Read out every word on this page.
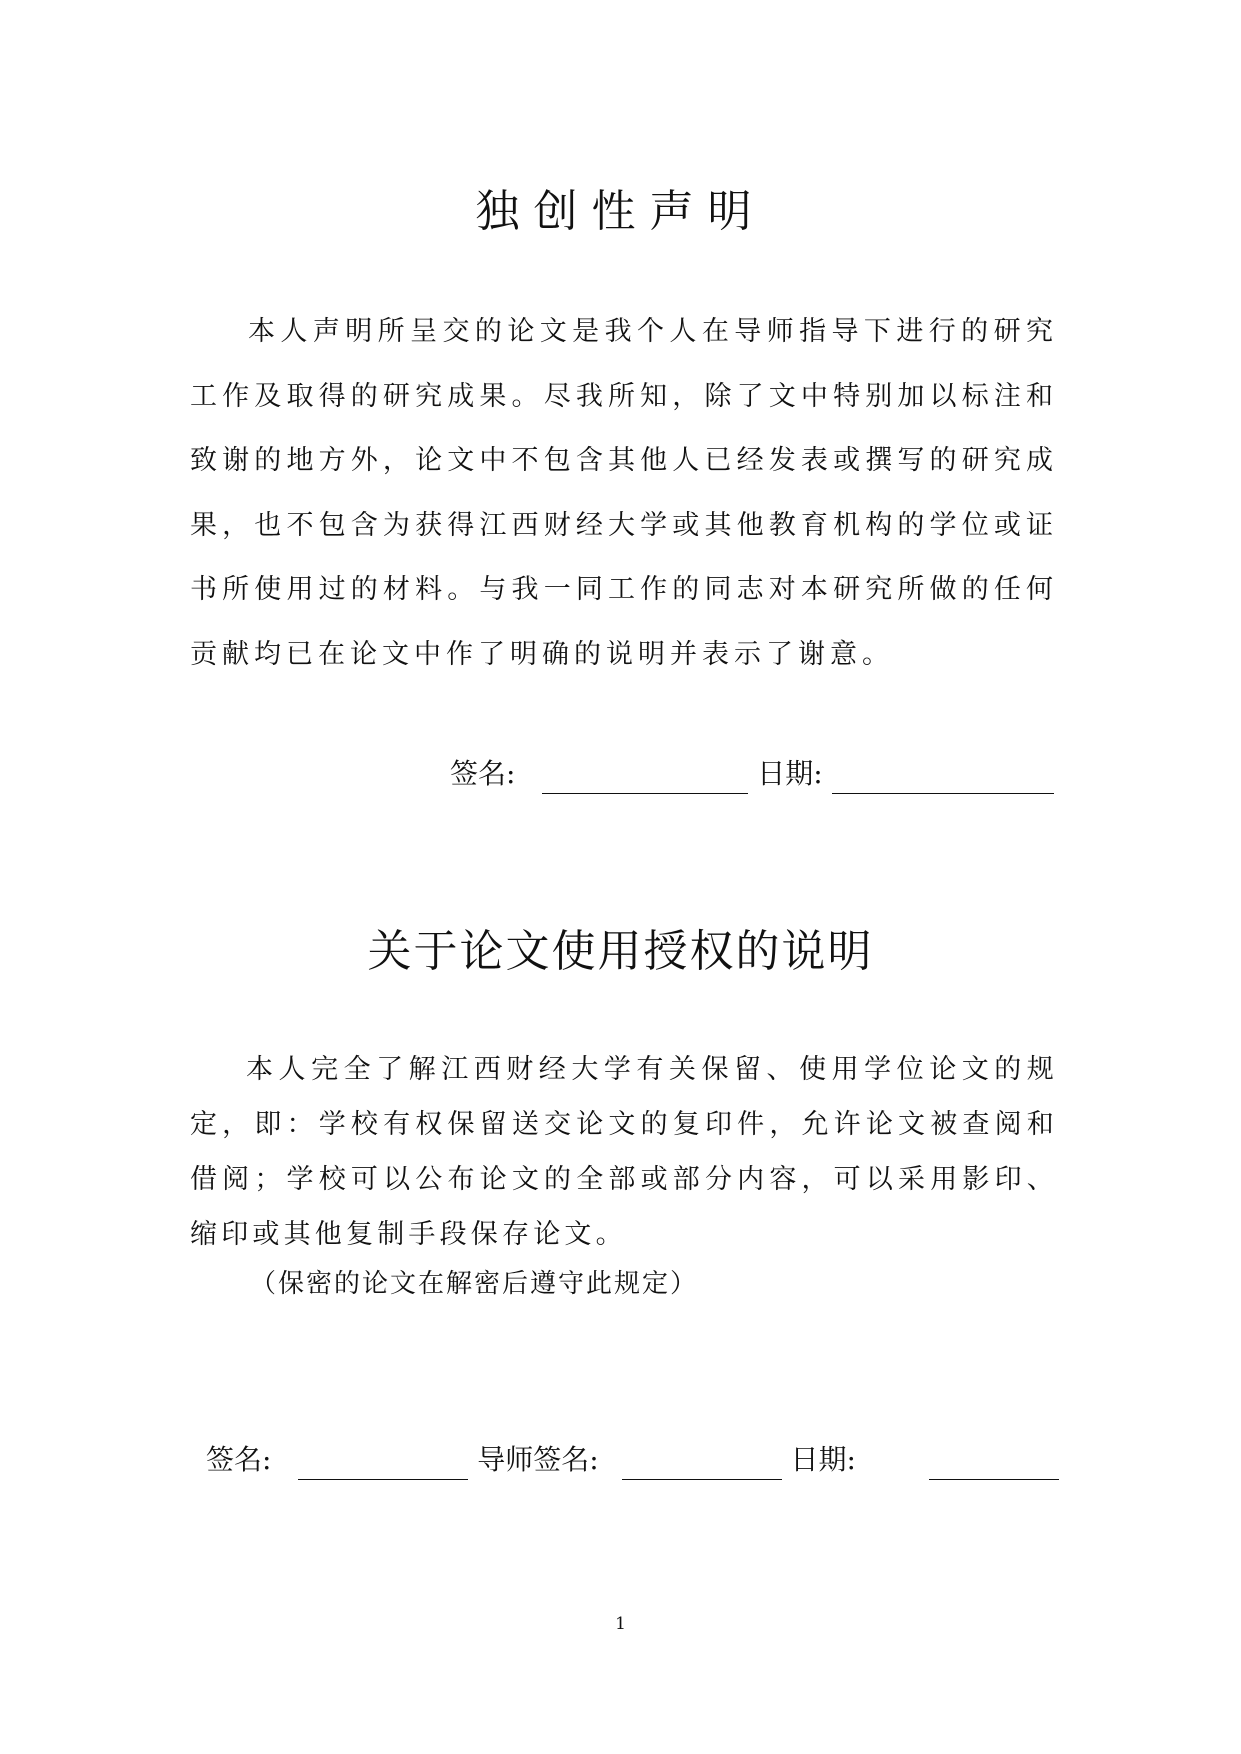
独创性声明
本人声明所呈交的论文是我个人在导师指导下进行的研究工作及取得的研究成果。尽我所知，除了文中特别加以标注和致谢的地方外，论文中不包含其他人已经发表或撰写的研究成果，也不包含为获得江西财经大学或其他教育机构的学位或证书所使用过的材料。与我一同工作的同志对本研究所做的任何贡献均已在论文中作了明确的说明并表示了谢意。
签名:	日期:
关于论文使用授权的说明
本人完全了解江西财经大学有关保留、使用学位论文的规定，即：学校有权保留送交论文的复印件，允许论文被查阅和借阅；学校可以公布论文的全部或部分内容，可以采用影印、缩印或其他复制手段保存论文。
（保密的论文在解密后遵守此规定）
签名:	导师签名:	日期:
1
